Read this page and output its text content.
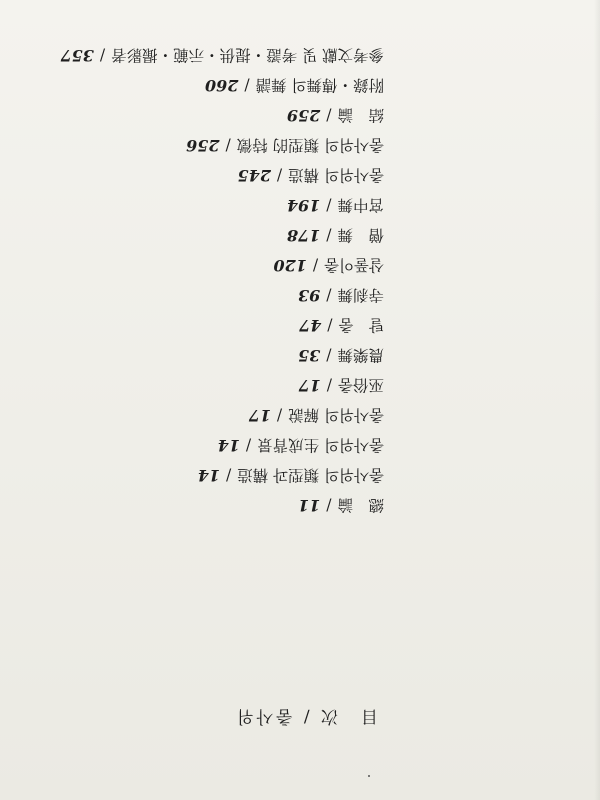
目　次 / 춤사위
總　論/11
춤사위의 類型과 構造/14
춤사위의 生成背景/14
춤사위의 解說/17
巫俗춤/17
農樂舞/35
탈　춤/47
寺刹舞/93
살풀이춤/120
僧　舞/178
宮中舞/194
춤사위의 構造/245
춤사위의 類型的 特徵/256
結　論/259
附錄・傳舞의 舞譜/260
參考文獻 및 考證・提供・示範・撮影者/357
